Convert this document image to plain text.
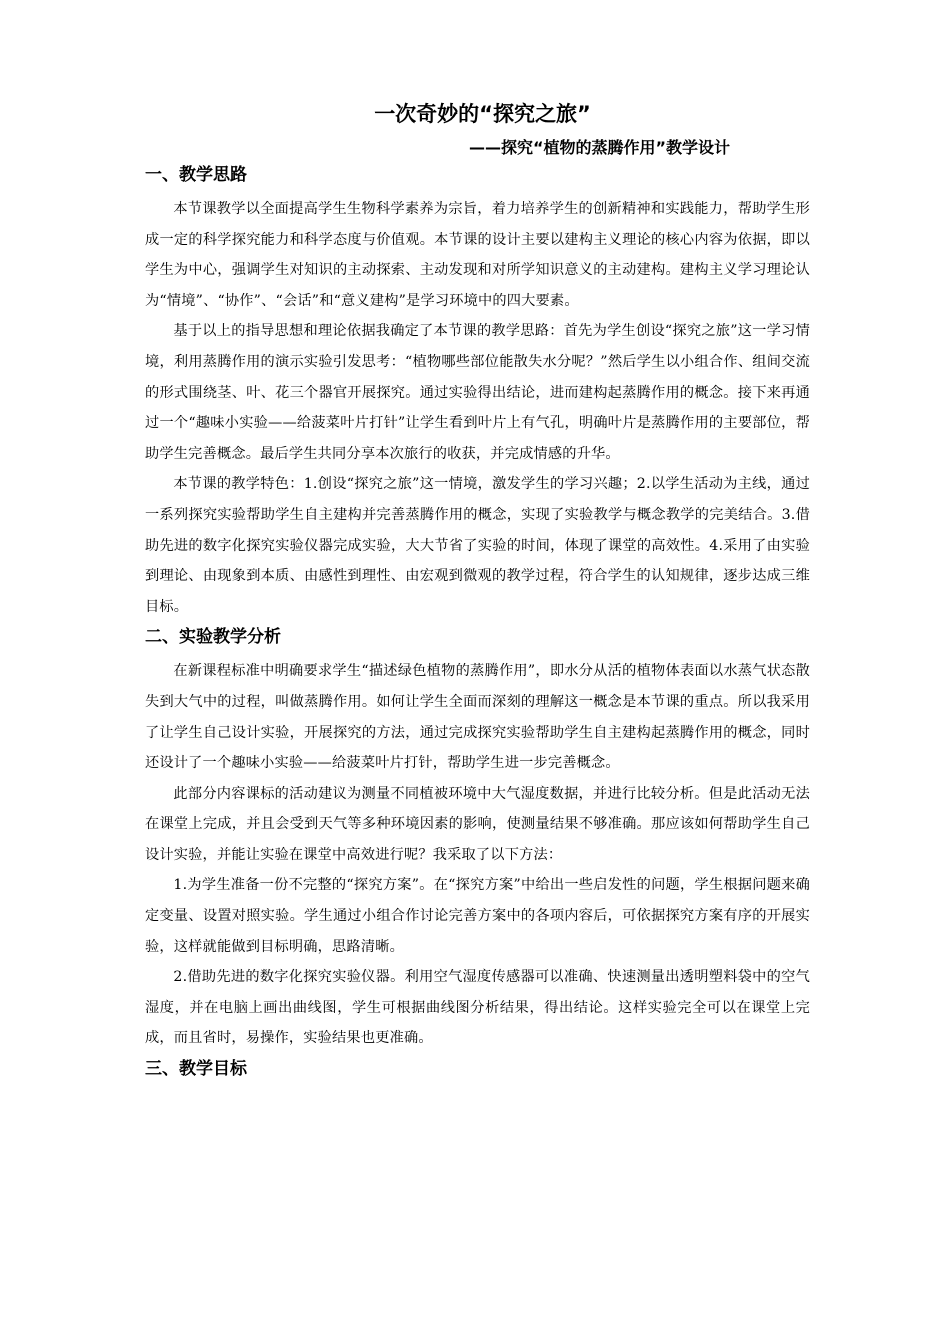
一次奇妙的“探究之旅”
——探究“植物的蒸腾作用”教学设计
一、教学思路

本节课教学以全面提高学生生物科学素养为宗旨，着力培养学生的创新精神和实践能力，帮助学生形成一定的科学探究能力和科学态度与价值观。本节课的设计主要以建构主义理论的核心内容为依据，即以学生为中心，强调学生对知识的主动探索、主动发现和对所学知识意义的主动建构。建构主义学习理论认为“情境”、“协作”、“会话”和“意义建构”是学习环境中的四大要素。

基于以上的指导思想和理论依据我确定了本节课的教学思路：首先为学生创设“探究之旅”这一学习情境，利用蒸腾作用的演示实验引发思考：“植物哪些部位能散失水分呢？”然后学生以小组合作、组间交流的形式围绕茎、叶、花三个器官开展探究。通过实验得出结论，进而建构起蒸腾作用的概念。接下来再通过一个“趣味小实验——给菠菜叶片打针”让学生看到叶片上有气孔，明确叶片是蒸腾作用的主要部位，帮助学生完善概念。最后学生共同分享本次旅行的收获，并完成情感的升华。

本节课的教学特色：1.创设“探究之旅”这一情境，激发学生的学习兴趣；2.以学生活动为主线，通过一系列探究实验帮助学生自主建构并完善蒸腾作用的概念，实现了实验教学与概念教学的完美结合。3.借助先进的数字化探究实验仪器完成实验，大大节省了实验的时间，体现了课堂的高效性。4.采用了由实验到理论、由现象到本质、由感性到理性、由宏观到微观的教学过程，符合学生的认知规律，逐步达成三维目标。

二、实验教学分析

在新课程标准中明确要求学生“描述绿色植物的蒸腾作用”，即水分从活的植物体表面以水蒸气状态散失到大气中的过程，叫做蒸腾作用。如何让学生全面而深刻的理解这一概念是本节课的重点。所以我采用了让学生自己设计实验，开展探究的方法，通过完成探究实验帮助学生自主建构起蒸腾作用的概念，同时还设计了一个趣味小实验——给菠菜叶片打针，帮助学生进一步完善概念。

此部分内容课标的活动建议为测量不同植被环境中大气湿度数据，并进行比较分析。但是此活动无法在课堂上完成，并且会受到天气等多种环境因素的影响，使测量结果不够准确。那应该如何帮助学生自己设计实验，并能让实验在课堂中高效进行呢？我采取了以下方法：

1.为学生准备一份不完整的“探究方案”。在“探究方案”中给出一些启发性的问题，学生根据问题来确定变量、设置对照实验。学生通过小组合作讨论完善方案中的各项内容后，可依据探究方案有序的开展实验，这样就能做到目标明确，思路清晰。

2.借助先进的数字化探究实验仪器。利用空气湿度传感器可以准确、快速测量出透明塑料袋中的空气湿度，并在电脑上画出曲线图，学生可根据曲线图分析结果，得出结论。这样实验完全可以在课堂上完成，而且省时，易操作，实验结果也更准确。

三、教学目标
